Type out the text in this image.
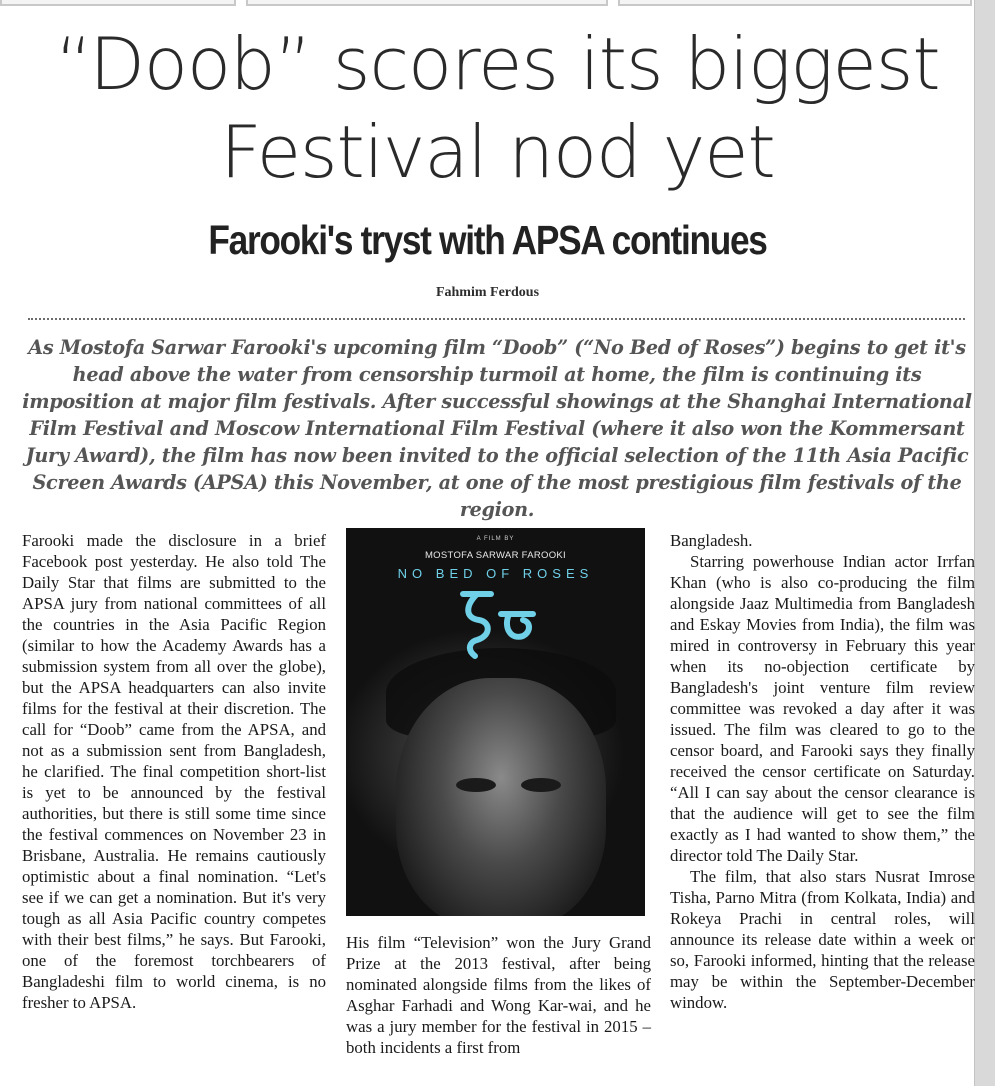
“Doob” scores its biggest
Festival nod yet
Farooki's tryst with APSA continues
Fahmim Ferdous
As Mostofa Sarwar Farooki's upcoming film “Doob” (“No Bed of Roses”) begins to get it's head above the water from censorship turmoil at home, the film is continuing its imposition at major film festivals. After successful showings at the Shanghai International Film Festival and Moscow International Film Festival (where it also won the Kommersant Jury Award), the film has now been invited to the official selection of the 11th Asia Pacific Screen Awards (APSA) this November, at one of the most prestigious film festivals of the region.

Farooki made the disclosure in a brief Facebook post yesterday. He also told The Daily Star that films are submitted to the APSA jury from national committees of all the countries in the Asia Pacific Region (similar to how the Academy Awards has a submission system from all over the globe), but the APSA headquarters can also invite films for the festival at their discretion. The call for “Doob” came from the APSA, and not as a submission sent from Bangladesh, he clarified. The final competition short-list is yet to be announced by the festival authorities, but there is still some time since the festival commences on November 23 in Brisbane, Australia. He remains cautiously optimistic about a final nomination. “Let's see if we can get a nomination. But it's very tough as all Asia Pacific country competes with their best films,” he says. But Farooki, one of the foremost torchbearers of Bangladeshi film to world cinema, is no fresher to APSA.

A FILM BY
MOSTOFA SARWAR FAROOKI
NO BED OF ROSES

His film “Television” won the Jury Grand Prize at the 2013 festival, after being nominated alongside films from the likes of Asghar Farhadi and Wong Kar-wai, and he was a jury member for the festival in 2015 – both incidents a first from

Bangladesh.

Starring powerhouse Indian actor Irrfan Khan (who is also co-producing the film alongside Jaaz Multimedia from Bangladesh and Eskay Movies from India), the film was mired in controversy in February this year when its no-objection certificate by Bangladesh's joint venture film review committee was revoked a day after it was issued. The film was cleared to go to the censor board, and Farooki says they finally received the censor certificate on Saturday. “All I can say about the censor clearance is that the audience will get to see the film exactly as I had wanted to show them,” the director told The Daily Star.

The film, that also stars Nusrat Imrose Tisha, Parno Mitra (from Kolkata, India) and Rokeya Prachi in central roles, will announce its release date within a week or so, Farooki informed, hinting that the release may be within the September-December window.
